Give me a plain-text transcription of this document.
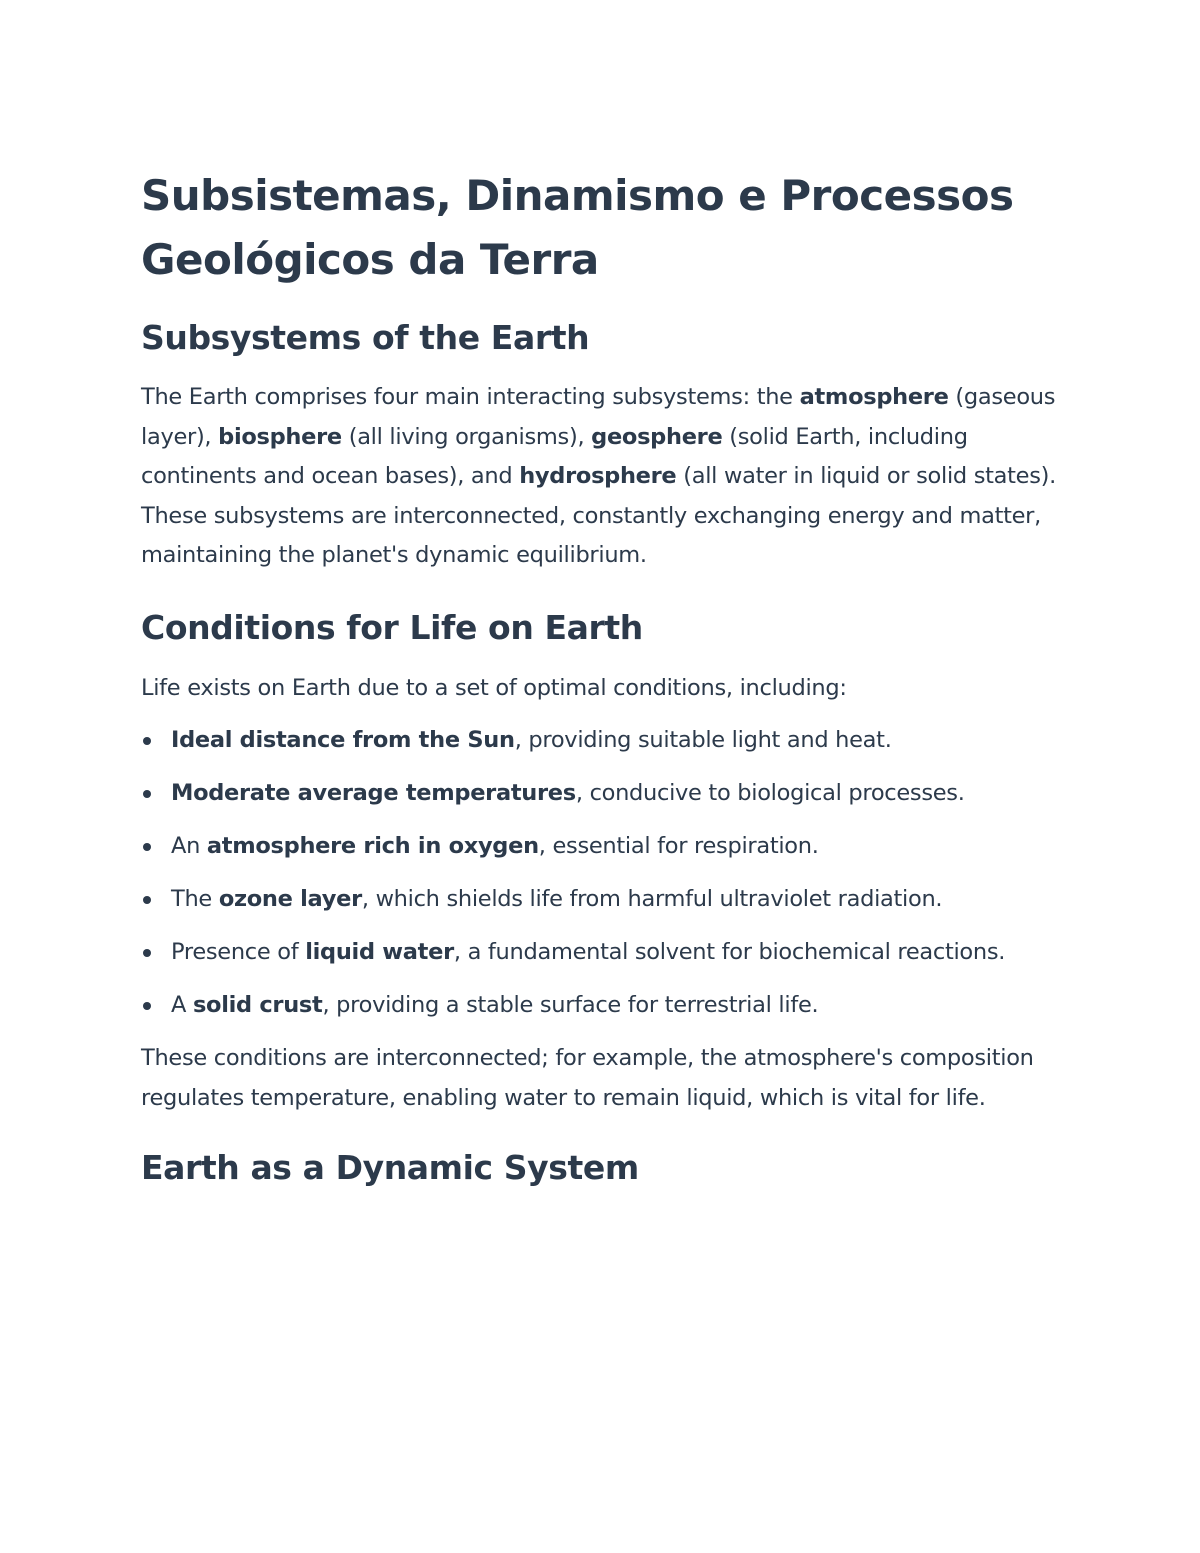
Subsistemas, Dinamismo e Processos Geológicos da Terra
Subsystems of the Earth

The Earth comprises four main interacting subsystems: the atmosphere (gaseous layer), biosphere (all living organisms), geosphere (solid Earth, including continents and ocean bases), and hydrosphere (all water in liquid or solid states). These subsystems are interconnected, constantly exchanging energy and matter, maintaining the planet's dynamic equilibrium.

Conditions for Life on Earth

Life exists on Earth due to a set of optimal conditions, including:

Ideal distance from the Sun, providing suitable light and heat.
Moderate average temperatures, conducive to biological processes.
An atmosphere rich in oxygen, essential for respiration.
The ozone layer, which shields life from harmful ultraviolet radiation.
Presence of liquid water, a fundamental solvent for biochemical reactions.
A solid crust, providing a stable surface for terrestrial life.

These conditions are interconnected; for example, the atmosphere's composition regulates temperature, enabling water to remain liquid, which is vital for life.

Earth as a Dynamic System
